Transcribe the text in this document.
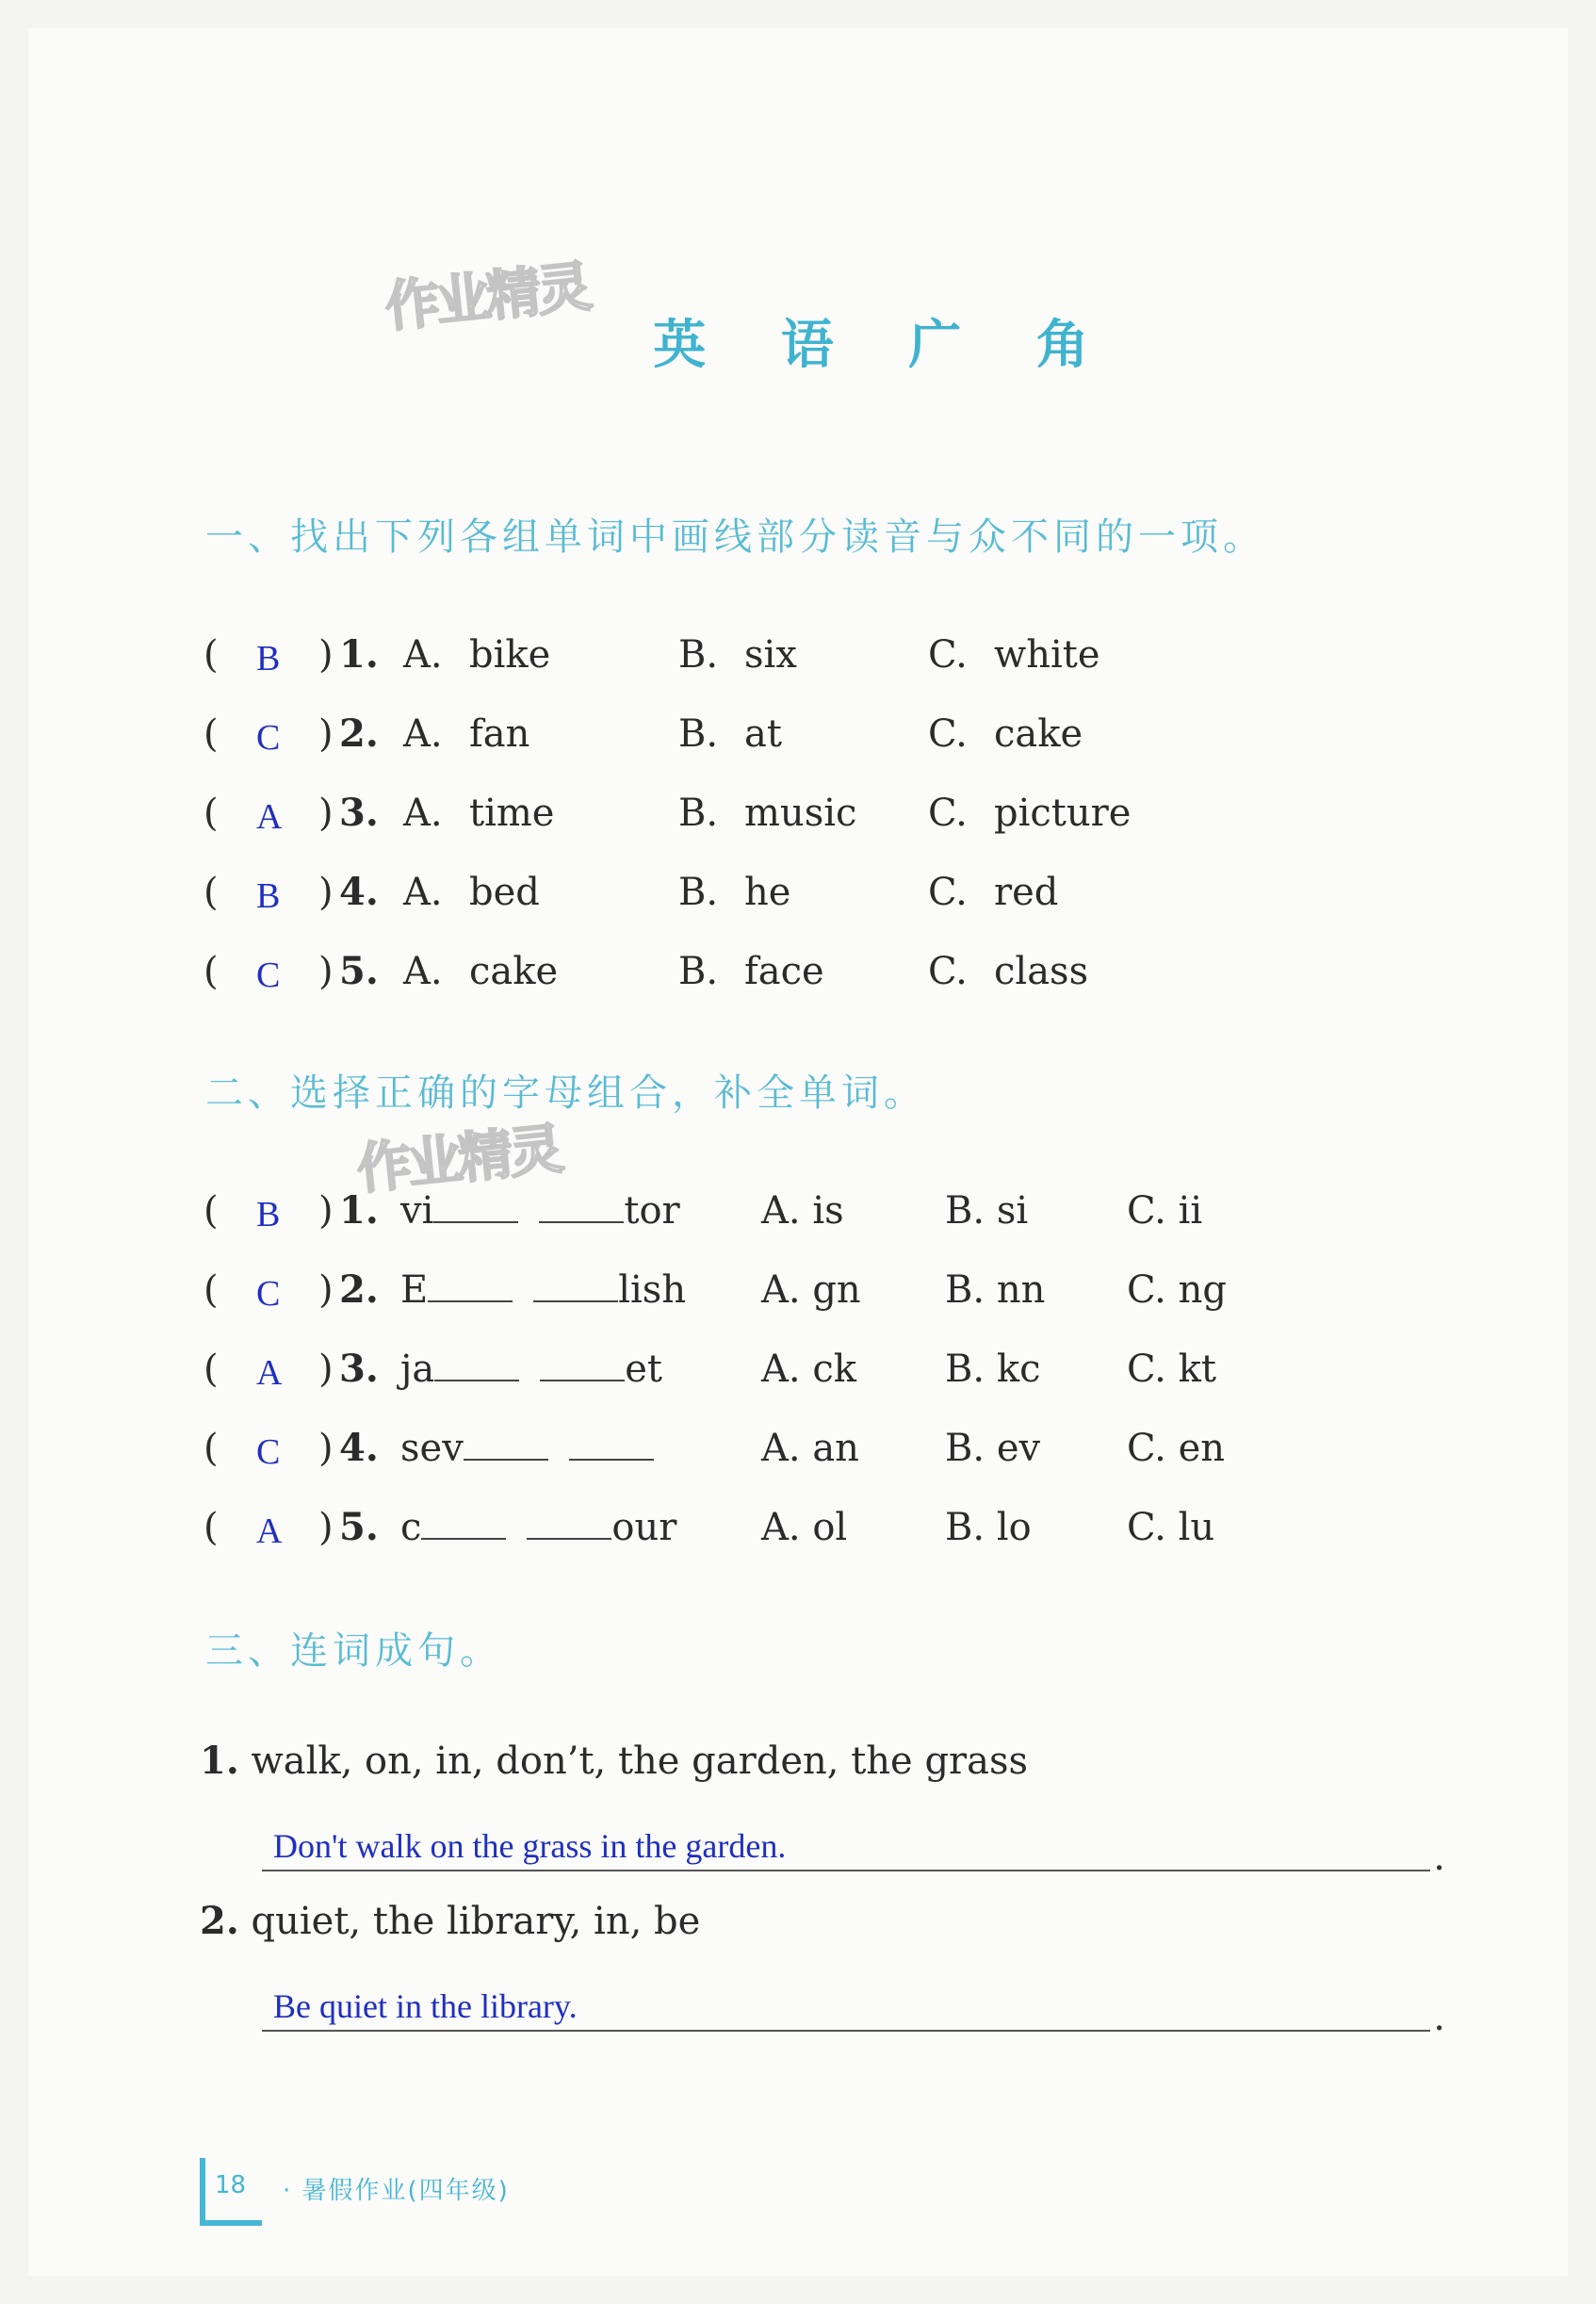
作业精灵
作业精灵
英 语 广 角
一、找出下列各组单词中画线部分读音与众不同的一项。
( B ) 1. A. bike	B. six	C. white
( C ) 2. A. fan	B. at	C. cake
( A ) 3. A. time	B. music C. picture
( B ) 4. A. bed	B. he	C. red
( C ) 5. A. cake	B. face	C. class
二、选择正确的字母组合，补全单词。
( B ) 1. vi	tor A. is	B. si	C. ii
( C ) 2. E	lish A. gn B. nn C. ng
( A ) 3. ja	et	A. ck B. kc C. kt
( C ) 4. sev	A. an B. ev C. en
( A ) 5. c	our A. ol	B. lo	C. lu
三、连词成句。
1. walk, on, in, don’t, the garden, the grass
Don't walk on the grass in the garden.	.
2. quiet, the library, in, be
Be quiet in the library.	.
18 · 暑假作业(四年级)
